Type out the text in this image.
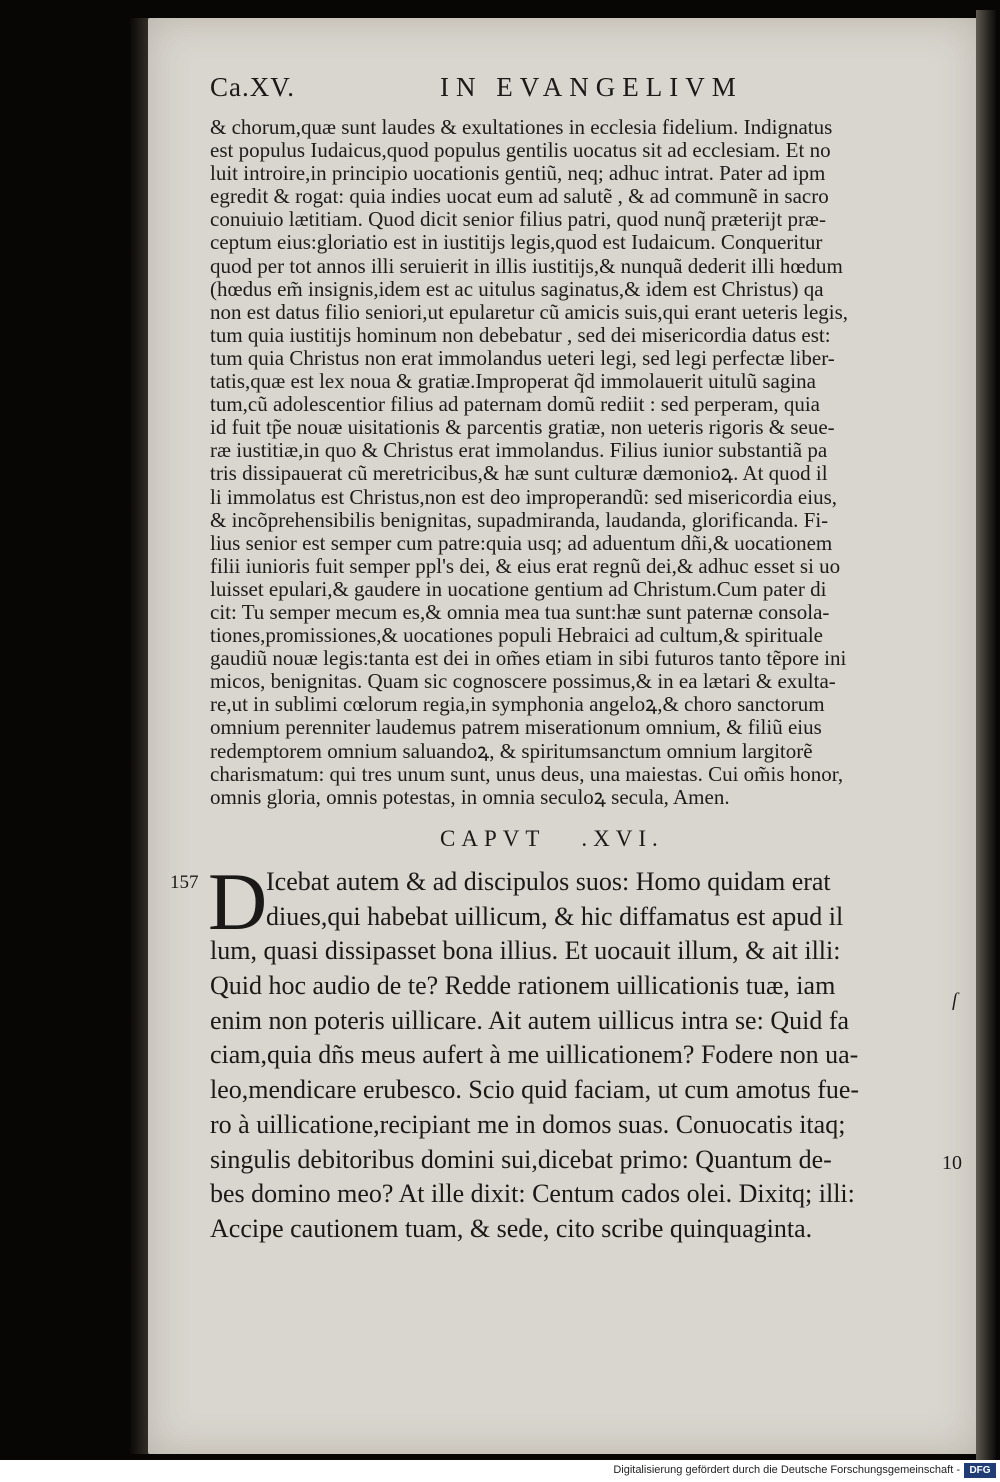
Ca.XV.	IN EVANGELIVM
& chorum,quæ sunt laudes & exultationes in ecclesia fidelium. Indignatus
est populus Iudaicus,quod populus gentilis uocatus sit ad ecclesiam. Et no
luit introire,in principio uocationis gentiũ, neq; adhuc intrat. Pater ad ipm
egredit & rogat: quia indies uocat eum ad salutẽ , & ad communẽ in sacro
conuiuio lætitiam. Quod dicit senior filius patri, quod nunq̃ præterijt præ-
ceptum eius:gloriatio est in iustitijs legis,quod est Iudaicum. Conqueritur
quod per tot annos illi seruierit in illis iustitijs,& nunquã dederit illi hœdum
(hœdus em̃ insignis,idem est ac uitulus saginatus,& idem est Christus) qa
non est datus filio seniori,ut epularetur cũ amicis suis,qui erant ueteris legis,
tum quia iustitijs hominum non debebatur , sed dei misericordia datus est:
tum quia Christus non erat immolandus ueteri legi, sed legi perfectæ liber-
tatis,quæ est lex noua & gratiæ.Improperat q̃d immolauerit uitulũ sagina
tum,cũ adolescentior filius ad paternam domũ rediit : sed perperam, quia
id fuit tp̃e nouæ uisitationis & parcentis gratiæ, non ueteris rigoris & seue-
ræ iustitiæ,in quo & Christus erat immolandus. Filius iunior substantiã pa
tris dissipauerat cũ meretricibus,& hæ sunt culturæ dæmonioꝝ. At quod il
li immolatus est Christus,non est deo improperandũ: sed misericordia eius,
& incõprehensibilis benignitas, supadmiranda, laudanda, glorificanda. Fi-
lius senior est semper cum patre:quia usq; ad aduentum dñi,& uocationem
filii iunioris fuit semper ppl's dei, & eius erat regnũ dei,& adhuc esset si uo
luisset epulari,& gaudere in uocatione gentium ad Christum.Cum pater di
cit: Tu semper mecum es,& omnia mea tua sunt:hæ sunt paternæ consola-
tiones,promissiones,& uocationes populi Hebraici ad cultum,& spirituale
gaudiũ nouæ legis:tanta est dei in om̃es etiam in sibi futuros tanto tẽpore ini
micos, benignitas. Quam sic cognoscere possimus,& in ea lætari & exulta-
re,ut in sublimi cœlorum regia,in symphonia angeloꝝ,& choro sanctorum
omnium perenniter laudemus patrem miserationum omnium, & filiũ eius
redemptorem omnium saluandoꝝ, & spiritumsanctum omnium largitorẽ
charismatum: qui tres unum sunt, unus deus, una maiestas. Cui om̃is honor,
omnis gloria, omnis potestas, in omnia seculoꝝ secula, Amen.
CAPVT .XVI.
157 D
Icebat autem & ad discipulos suos: Homo quidam erat
diues,qui habebat uillicum, & hic diffamatus est apud il
lum, quasi dissipasset bona illius. Et uocauit illum, & ait illi:
Quid hoc audio de te? Redde rationem uillicationis tuæ, iam
enim non poteris uillicare. Ait autem uillicus intra se: Quid fa
ciam,quia dñs meus aufert à me uillicationem? Fodere non ua-
leo,mendicare erubesco. Scio quid faciam, ut cum amotus fue-
ro à uillicatione,recipiant me in domos suas. Conuocatis itaq;
singulis debitoribus domini sui,dicebat primo: Quantum de-
bes domino meo? At ille dixit: Centum cados olei. Dixitq; illi:
Accipe cautionem tuam, & sede, cito scribe quinquaginta.
ſ
10
Digitalisierung gefördert durch die Deutsche Forschungsgemeinschaft - DFG
